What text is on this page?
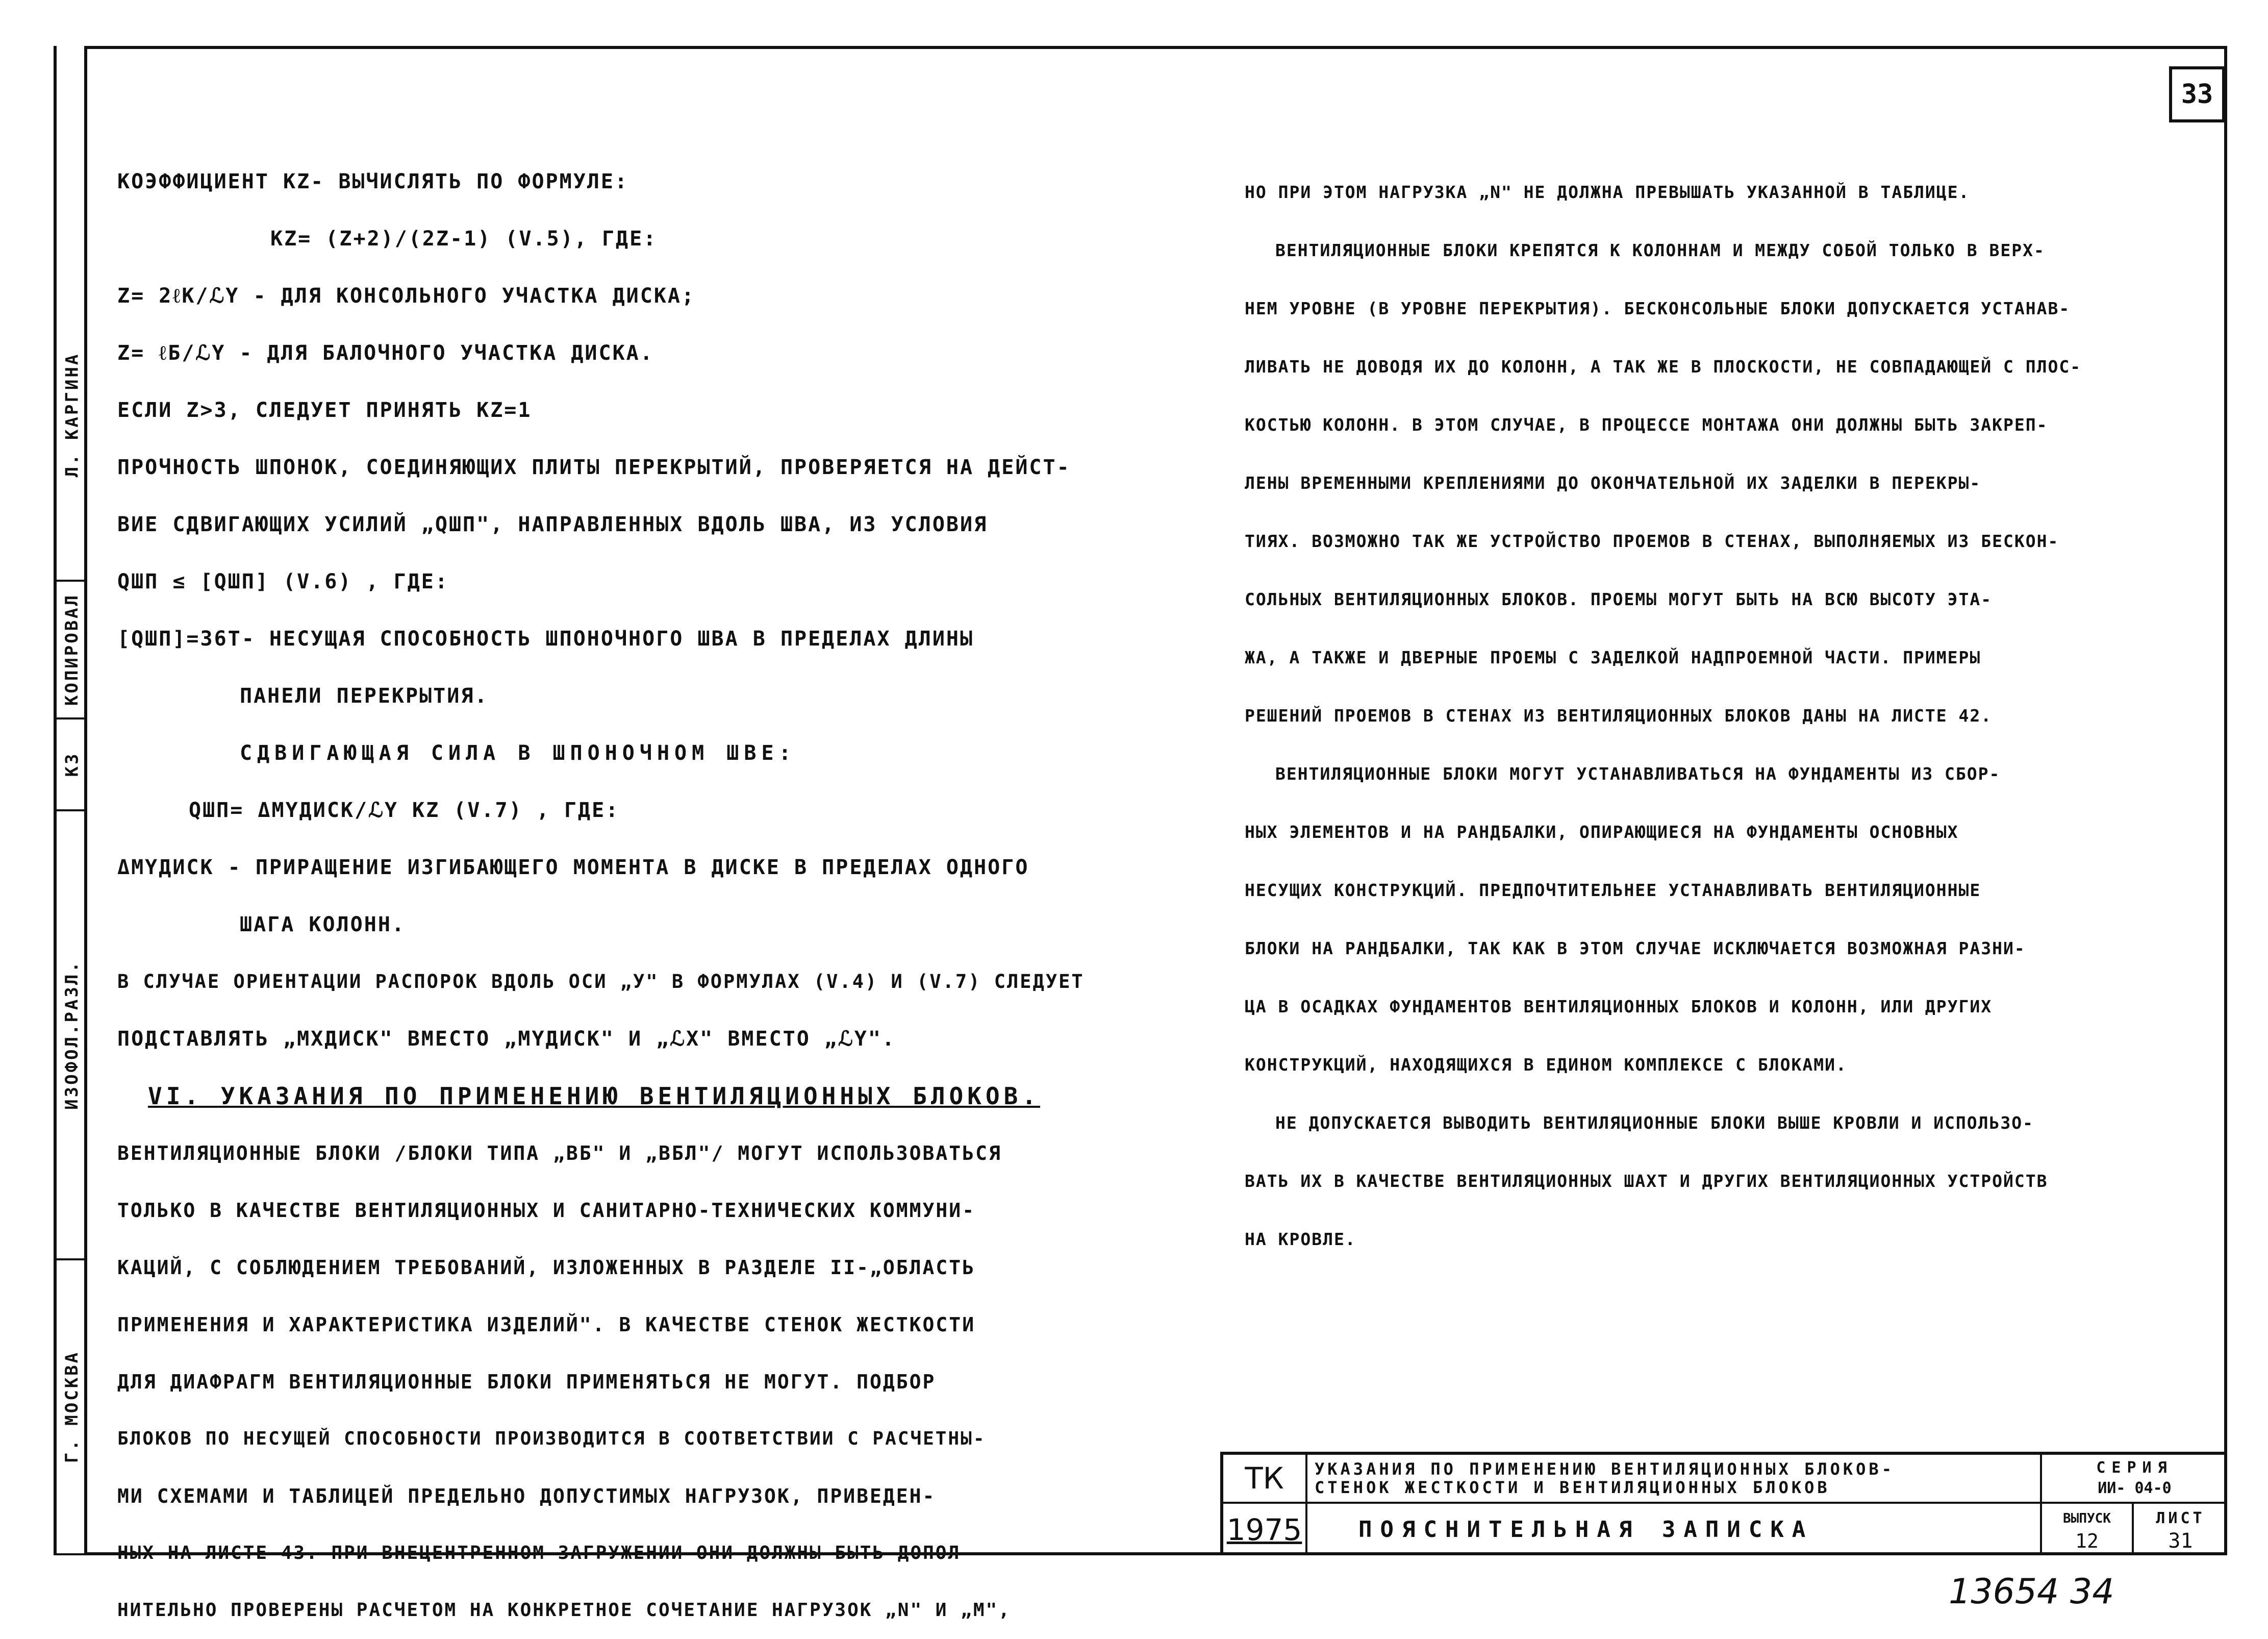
Г. МОСКВА
ИЗОФОЛ.РАЗЛ.
КЗ
КОПИРОВАЛ
Л. КАРГИНА
33

КОЭФФИЦИЕНТ KZ- ВЫЧИСЛЯТЬ ПО ФОРМУЛЕ:

KZ= (Z+2)/(2Z-1) (V.5), ГДЕ:

Z= 2ℓК/ℒY - ДЛЯ КОНСОЛЬНОГО УЧАСТКА ДИСКА;

Z= ℓБ/ℒY - ДЛЯ БАЛОЧНОГО УЧАСТКА ДИСКА.

ЕСЛИ Z>3, СЛЕДУЕТ ПРИНЯТЬ KZ=1

ПРОЧНОСТЬ ШПОНОК, СОЕДИНЯЮЩИХ ПЛИТЫ ПЕРЕКРЫТИЙ, ПРОВЕРЯЕТСЯ НА ДЕЙСТ-

ВИЕ СДВИГАЮЩИХ УСИЛИЙ „QШП", НАПРАВЛЕННЫХ ВДОЛЬ ШВА, ИЗ УСЛОВИЯ

QШП ≤ [QШП] (V.6) , ГДЕ:

[QШП]=36Т- НЕСУЩАЯ СПОСОБНОСТЬ ШПОНОЧНОГО ШВА В ПРЕДЕЛАХ ДЛИНЫ

ПАНЕЛИ ПЕРЕКРЫТИЯ.

СДВИГАЮЩАЯ СИЛА В ШПОНОЧНОМ ШВЕ:

QШП= ΔMYДИСК/ℒY KZ (V.7) , ГДЕ:

ΔMYДИСК - ПРИРАЩЕНИЕ ИЗГИБАЮЩЕГО МОМЕНТА В ДИСКЕ В ПРЕДЕЛАХ ОДНОГО

ШАГА КОЛОНН.

В СЛУЧАЕ ОРИЕНТАЦИИ РАСПОРОК ВДОЛЬ ОСИ „У" В ФОРМУЛАХ (V.4) И (V.7) СЛЕДУЕТ

ПОДСТАВЛЯТЬ „MXДИСК" ВМЕСТО „MYДИСК" И „ℒX" ВМЕСТО „ℒY".

VI. УКАЗАНИЯ ПО ПРИМЕНЕНИЮ ВЕНТИЛЯЦИОННЫХ БЛОКОВ.

ВЕНТИЛЯЦИОННЫЕ БЛОКИ /БЛОКИ ТИПА „ВБ" И „ВБЛ"/ МОГУТ ИСПОЛЬЗОВАТЬСЯ

ТОЛЬКО В КАЧЕСТВЕ ВЕНТИЛЯЦИОННЫХ И САНИТАРНО-ТЕХНИЧЕСКИХ КОММУНИ-

КАЦИЙ, С СОБЛЮДЕНИЕМ ТРЕБОВАНИЙ, ИЗЛОЖЕННЫХ В РАЗДЕЛЕ II-„ОБЛАСТЬ

ПРИМЕНЕНИЯ И ХАРАКТЕРИСТИКА ИЗДЕЛИЙ". В КАЧЕСТВЕ СТЕНОК ЖЕСТКОСТИ

ДЛЯ ДИАФРАГМ ВЕНТИЛЯЦИОННЫЕ БЛОКИ ПРИМЕНЯТЬСЯ НЕ МОГУТ. ПОДБОР

БЛОКОВ ПО НЕСУЩЕЙ СПОСОБНОСТИ ПРОИЗВОДИТСЯ В СООТВЕТСТВИИ С РАСЧЕТНЫ-

МИ СХЕМАМИ И ТАБЛИЦЕЙ ПРЕДЕЛЬНО ДОПУСТИМЫХ НАГРУЗОК, ПРИВЕДЕН-

НЫХ НА ЛИСТЕ 43. ПРИ ВНЕЦЕНТРЕННОМ ЗАГРУЖЕНИИ ОНИ ДОЛЖНЫ БЫТЬ ДОПОЛ-

НИТЕЛЬНО ПРОВЕРЕНЫ РАСЧЕТОМ НА КОНКРЕТНОЕ СОЧЕТАНИЕ НАГРУЗОК „N" И „M",

НО ПРИ ЭТОМ НАГРУЗКА „N" НЕ ДОЛЖНА ПРЕВЫШАТЬ УКАЗАННОЙ В ТАБЛИЦЕ.

ВЕНТИЛЯЦИОННЫЕ БЛОКИ КРЕПЯТСЯ К КОЛОННАМ И МЕЖДУ СОБОЙ ТОЛЬКО В ВЕРХ-

НЕМ УРОВНЕ (В УРОВНЕ ПЕРЕКРЫТИЯ). БЕСКОНСОЛЬНЫЕ БЛОКИ ДОПУСКАЕТСЯ УСТАНАВ-

ЛИВАТЬ НЕ ДОВОДЯ ИХ ДО КОЛОНН, А ТАК ЖЕ В ПЛОСКОСТИ, НЕ СОВПАДАЮЩЕЙ С ПЛОС-

КОСТЬЮ КОЛОНН. В ЭТОМ СЛУЧАЕ, В ПРОЦЕССЕ МОНТАЖА ОНИ ДОЛЖНЫ БЫТЬ ЗАКРЕП-

ЛЕНЫ ВРЕМЕННЫМИ КРЕПЛЕНИЯМИ ДО ОКОНЧАТЕЛЬНОЙ ИХ ЗАДЕЛКИ В ПЕРЕКРЫ-

ТИЯХ. ВОЗМОЖНО ТАК ЖЕ УСТРОЙСТВО ПРОЕМОВ В СТЕНАХ, ВЫПОЛНЯЕМЫХ ИЗ БЕСКОН-

СОЛЬНЫХ ВЕНТИЛЯЦИОННЫХ БЛОКОВ. ПРОЕМЫ МОГУТ БЫТЬ НА ВСЮ ВЫСОТУ ЭТА-

ЖА, А ТАКЖЕ И ДВЕРНЫЕ ПРОЕМЫ С ЗАДЕЛКОЙ НАДПРОЕМНОЙ ЧАСТИ. ПРИМЕРЫ

РЕШЕНИЙ ПРОЕМОВ В СТЕНАХ ИЗ ВЕНТИЛЯЦИОННЫХ БЛОКОВ ДАНЫ НА ЛИСТЕ 42.

ВЕНТИЛЯЦИОННЫЕ БЛОКИ МОГУТ УСТАНАВЛИВАТЬСЯ НА ФУНДАМЕНТЫ ИЗ СБОР-

НЫХ ЭЛЕМЕНТОВ И НА РАНДБАЛКИ, ОПИРАЮЩИЕСЯ НА ФУНДАМЕНТЫ ОСНОВНЫХ

НЕСУЩИХ КОНСТРУКЦИЙ. ПРЕДПОЧТИТЕЛЬНЕЕ УСТАНАВЛИВАТЬ ВЕНТИЛЯЦИОННЫЕ

БЛОКИ НА РАНДБАЛКИ, ТАК КАК В ЭТОМ СЛУЧАЕ ИСКЛЮЧАЕТСЯ ВОЗМОЖНАЯ РАЗНИ-

ЦА В ОСАДКАХ ФУНДАМЕНТОВ ВЕНТИЛЯЦИОННЫХ БЛОКОВ И КОЛОНН, ИЛИ ДРУГИХ

КОНСТРУКЦИЙ, НАХОДЯЩИХСЯ В ЕДИНОМ КОМПЛЕКСЕ С БЛОКАМИ.

НЕ ДОПУСКАЕТСЯ ВЫВОДИТЬ ВЕНТИЛЯЦИОННЫЕ БЛОКИ ВЫШЕ КРОВЛИ И ИСПОЛЬЗО-

ВАТЬ ИХ В КАЧЕСТВЕ ВЕНТИЛЯЦИОННЫХ ШАХТ И ДРУГИХ ВЕНТИЛЯЦИОННЫХ УСТРОЙСТВ

НА КРОВЛЕ.

ТК
1975
УКАЗАНИЯ ПО ПРИМЕНЕНИЮ ВЕНТИЛЯЦИОННЫХ БЛОКОВ-
СТЕНОК ЖЕСТКОСТИ И ВЕНТИЛЯЦИОННЫХ БЛОКОВ
ПОЯСНИТЕЛЬНАЯ ЗАПИСКА
СЕРИЯ
ИИ- 04-0
ВЫПУСК
12
ЛИСТ
31
13654 34
